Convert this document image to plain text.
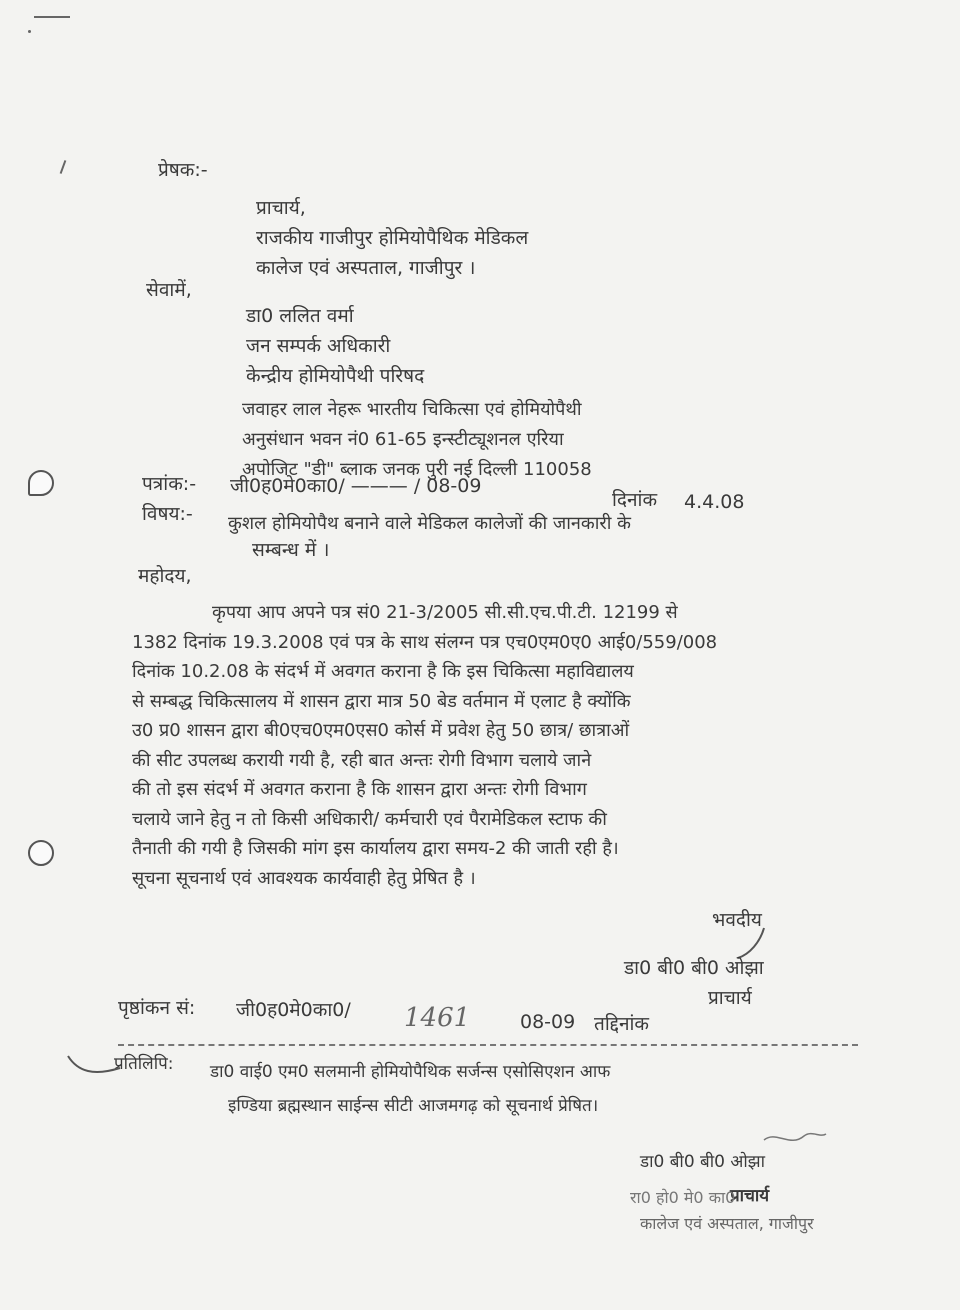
प्रेषक:-
प्राचार्य,
राजकीय गाजीपुर होमियोपैथिक मेडिकल
कालेज एवं अस्पताल, गाजीपुर ।
सेवामें,
डा0 ललित वर्मा
जन सम्पर्क अधिकारी
केन्द्रीय होमियोपैथी परिषद
जवाहर लाल नेहरू भारतीय चिकित्सा एवं होमियोपैथी
अनुसंधान भवन नं0 61-65 इन्स्टीट्यूशनल एरिया
अपोजिट "डी" ब्लाक जनक पुरी नई दिल्ली 110058
पत्रांक:- जी0ह0मे0का0/ ——— / 08-09
दिनांक 4.4.08
विषय:- कुशल होमियोपैथ बनाने वाले मेडिकल कालेजों की जानकारी के
सम्बन्ध में ।
महोदय,
कृपया आप अपने पत्र सं0 21-3/2005 सी.सी.एच.पी.टी. 12199 से
1382 दिनांक 19.3.2008 एवं पत्र के साथ संलग्न पत्र एच0एम0ए0 आई0/559/008
दिनांक 10.2.08 के संदर्भ में अवगत कराना है कि इस चिकित्सा महाविद्यालय
से सम्बद्ध चिकित्सालय में शासन द्वारा मात्र 50 बेड वर्तमान में एलाट है क्योंकि
उ0 प्र0 शासन द्वारा बी0एच0एम0एस0 कोर्स में प्रवेश हेतु 50 छात्र/ छात्राओं
की सीट उपलब्ध करायी गयी है, रही बात अन्तः रोगी विभाग चलाये जाने
की तो इस संदर्भ में अवगत कराना है कि शासन द्वारा अन्तः रोगी विभाग
चलाये जाने हेतु न तो किसी अधिकारी/ कर्मचारी एवं पैरामेडिकल स्टाफ की
तैनाती की गयी है जिसकी मांग इस कार्यालय द्वारा समय-2 की जाती रही है।
सूचना सूचनार्थ एवं आवश्यक कार्यवाही हेतु प्रेषित है ।
भवदीय
डा0 बी0 बी0 ओझा
प्राचार्य
पृष्ठांकन सं: जी0ह0मे0का0/ 1461	08-09 तद्दिनांक
प्रतिलिपि: डा0 वाई0 एम0 सलमानी होमियोपैथिक सर्जन्स एसोसिएशन आफ
इण्डिया ब्रह्मस्थान साईन्स सीटी आजमगढ़ को सूचनार्थ प्रेषित।
डा0 बी0 बी0 ओझा
प्राचार्य
रा0 हो0 मे0 का0
कालेज एवं अस्पताल, गाजीपुर
